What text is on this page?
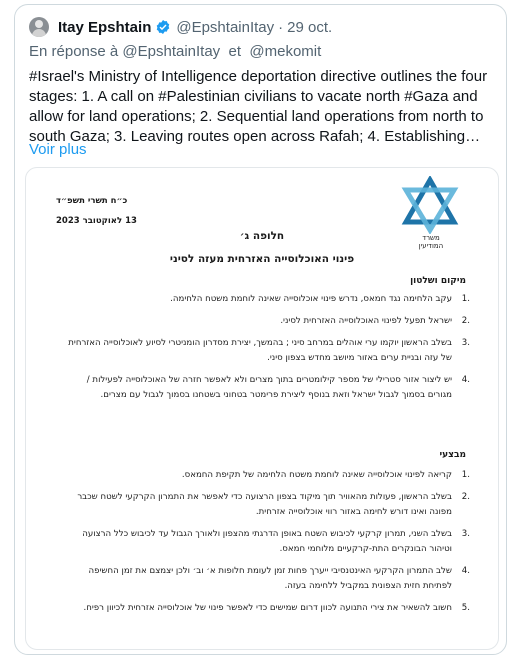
Itay Epshtain @EpshtainItay · 29 oct.
En réponse à @EpshtainItay et @mekomit
#Israel's Ministry of Intelligence deportation directive outlines the four stages: 1. A call on #Palestinian civilians to vacate north #Gaza and allow for land operations; 2. Sequential land operations from north to south Gaza; 3. Leaving routes open across Rafah; 4. Establishing…
Voir plus
משרד המודיעין
כ״ח תשרי תשפ״ד
13 לאוקטובר 2023
חלופה ג׳
פינוי האוכלוסייה האזרחית מעזה לסיני
מיקום ושלטון
.1
עקב הלחימה נגד חמאס, נדרש פינוי אוכלוסייה שאינה לוחמת משטח הלחימה.
.2
ישראל תפעל לפינוי האוכלוסייה האזרחית לסיני.
.3
בשלב הראשון יוקמו ערי אוהלים במרחב סיני ; בהמשך, יצירת מסדרון הומניטרי לסיוע לאוכלוסייה האזרחית של עזה ובניית ערים באזור מיושב מחדש בצפון סיני.
.4
יש ליצור אזור סטרילי של מספר קילומטרים בתוך מצרים ולא לאפשר חזרה של האוכלוסייה לפעילות / מגורים בסמוך לגבול ישראל וזאת בנוסף ליצירת פרימטר בטחוני בשטחנו בסמוך לגבול עם מצרים.
מבצעי
.1
קריאה לפינוי אוכלוסייה שאינה לוחמת משטח הלחימה של תקיפת החמאס.
.2
בשלב הראשון, פעולות מהאוויר תוך מיקוד בצפון הרצועה כדי לאפשר את התמרון הקרקעי לשטח שכבר מפונה ואינו דורש לחימה באזור רווי אוכלוסייה אזרחית.
.3
בשלב השני, תמרון קרקעי לכיבוש השטח באופן הדרגתי מהצפון ולאורך הגבול עד לכיבוש כלל הרצועה וטיהור הבונקרים התת-קרקעיים מלוחמי חמאס.
.4
שלב התמרון הקרקעי האינטנסיבי ייערך פחות זמן לעומת חלופות א׳ וב׳ ולכן יצמצם את זמן החשיפה לפתיחת חזית הצפונית במקביל ללחימה בעזה.
.5
חשוב להשאיר את צירי התנועה לכוון דרום שמישים כדי לאפשר פינוי של אוכלוסייה אזרחית לכיוון רפיח.
